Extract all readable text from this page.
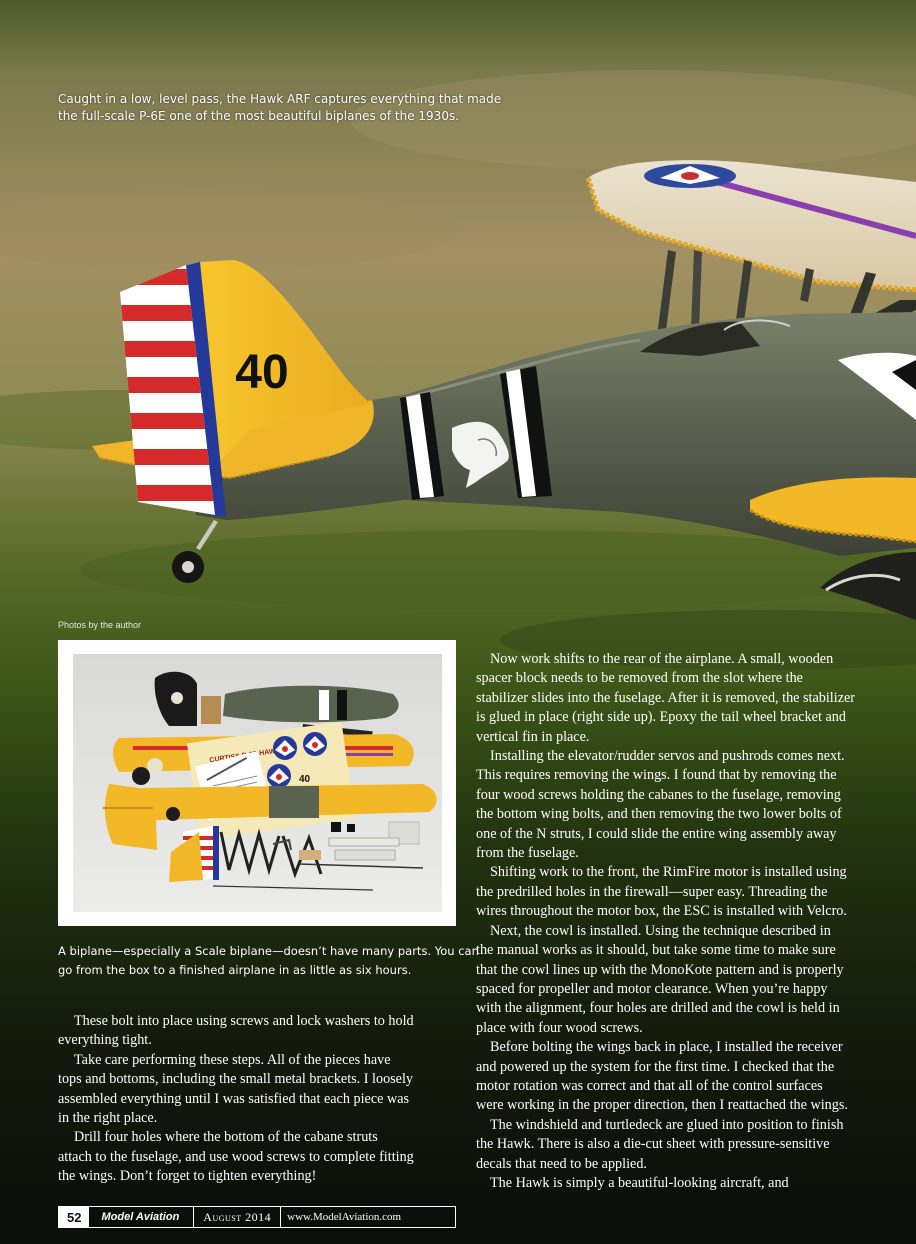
40
Caught in a low, level pass, the Hawk ARF captures everything that made
the full-scale P-6E one of the most beautiful biplanes of the 1930s.
Photos by the author
CURTISS HAWK
40
A biplane—especially a Scale biplane—doesn’t have many parts. You can
go from the box to a finished airplane in as little as six hours.
These bolt into place using screws and lock washers to hold
everything tight.
Take care performing these steps. All of the pieces have
tops and bottoms, including the small metal brackets. I loosely
assembled everything until I was satisfied that each piece was
in the right place.
Drill four holes where the bottom of the cabane struts
attach to the fuselage, and use wood screws to complete fitting
the wings. Don’t forget to tighten everything!
Now work shifts to the rear of the airplane. A small, wooden
spacer block needs to be removed from the slot where the
stabilizer slides into the fuselage. After it is removed, the stabilizer
is glued in place (right side up). Epoxy the tail wheel bracket and
vertical fin in place.
Installing the elevator/rudder servos and pushrods comes next.
This requires removing the wings. I found that by removing the
four wood screws holding the cabanes to the fuselage, removing
the bottom wing bolts, and then removing the two lower bolts of
one of the N struts, I could slide the entire wing assembly away
from the fuselage.
Shifting work to the front, the RimFire motor is installed using
the predrilled holes in the firewall—super easy. Threading the
wires throughout the motor box, the ESC is installed with Velcro.
Next, the cowl is installed. Using the technique described in
the manual works as it should, but take some time to make sure
that the cowl lines up with the MonoKote pattern and is properly
spaced for propeller and motor clearance. When you’re happy
with the alignment, four holes are drilled and the cowl is held in
place with four wood screws.
Before bolting the wings back in place, I installed the receiver
and powered up the system for the first time. I checked that the
motor rotation was correct and that all of the control surfaces
were working in the proper direction, then I reattached the wings.
The windshield and turtledeck are glued into position to finish
the Hawk. There is also a die-cut sheet with pressure-sensitive
decals that need to be applied.
The Hawk is simply a beautiful-looking aircraft, and
52	Model Aviation	August 2014	www.ModelAviation.com
